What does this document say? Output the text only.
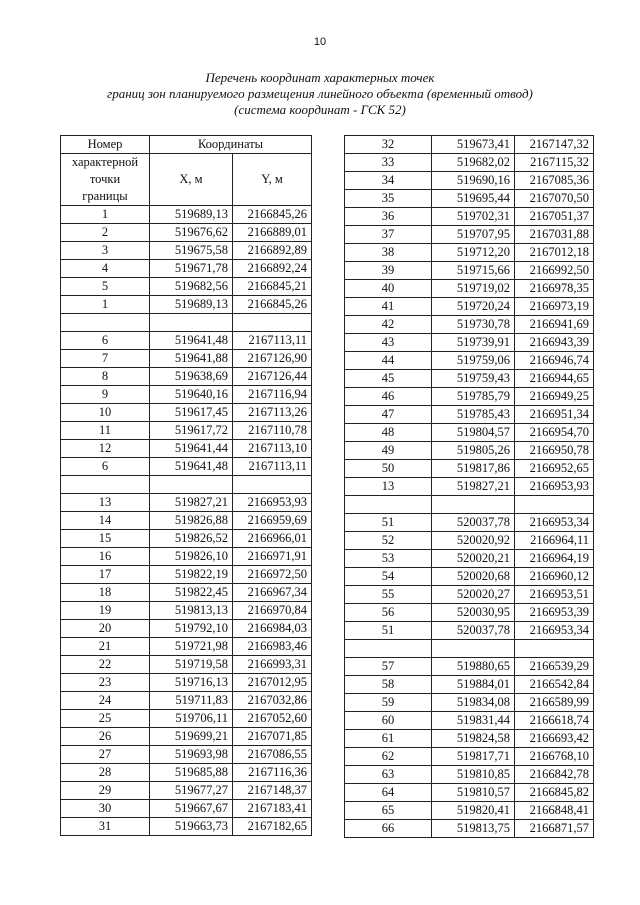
10
Перечень координат характерных точек
границ зон планируемого размещения линейного объекта (временный отвод)
(система координат - ГСК 52)
Номер	Координаты	

характерной
точки
границы	X, м	Y, м
1	519689,13	2166845,26
2	519676,62	2166889,01
3	519675,58	2166892,89
4	519671,78	2166892,24
5	519682,56	2166845,21
1	519689,13	2166845,26

6	519641,48	2167113,11
7	519641,88	2167126,90
8	519638,69	2167126,44
9	519640,16	2167116,94
10	519617,45	2167113,26
11	519617,72	2167110,78
12	519641,44	2167113,10
6	519641,48	2167113,11

13	519827,21	2166953,93
14	519826,88	2166959,69
15	519826,52	2166966,01
16	519826,10	2166971,91
17	519822,19	2166972,50
18	519822,45	2166967,34
19	519813,13	2166970,84
20	519792,10	2166984,03
21	519721,98	2166983,46
22	519719,58	2166993,31
23	519716,13	2167012,95
24	519711,83	2167032,86
25	519706,11	2167052,60
26	519699,21	2167071,85
27	519693,98	2167086,55
28	519685,88	2167116,36
29	519677,27	2167148,37
30	519667,67	2167183,41
31	519663,73	2167182,65
32	519673,41	2167147,32
33	519682,02	2167115,32
34	519690,16	2167085,36
35	519695,44	2167070,50
36	519702,31	2167051,37
37	519707,95	2167031,88
38	519712,20	2167012,18
39	519715,66	2166992,50
40	519719,02	2166978,35
41	519720,24	2166973,19
42	519730,78	2166941,69
43	519739,91	2166943,39
44	519759,06	2166946,74
45	519759,43	2166944,65
46	519785,79	2166949,25
47	519785,43	2166951,34
48	519804,57	2166954,70
49	519805,26	2166950,78
50	519817,86	2166952,65
13	519827,21	2166953,93

51	520037,78	2166953,34
52	520020,92	2166964,11
53	520020,21	2166964,19
54	520020,68	2166960,12
55	520020,27	2166953,51
56	520030,95	2166953,39
51	520037,78	2166953,34

57	519880,65	2166539,29
58	519884,01	2166542,84
59	519834,08	2166589,99
60	519831,44	2166618,74
61	519824,58	2166693,42
62	519817,71	2166768,10
63	519810,85	2166842,78
64	519810,57	2166845,82
65	519820,41	2166848,41
66	519813,75	2166871,57
